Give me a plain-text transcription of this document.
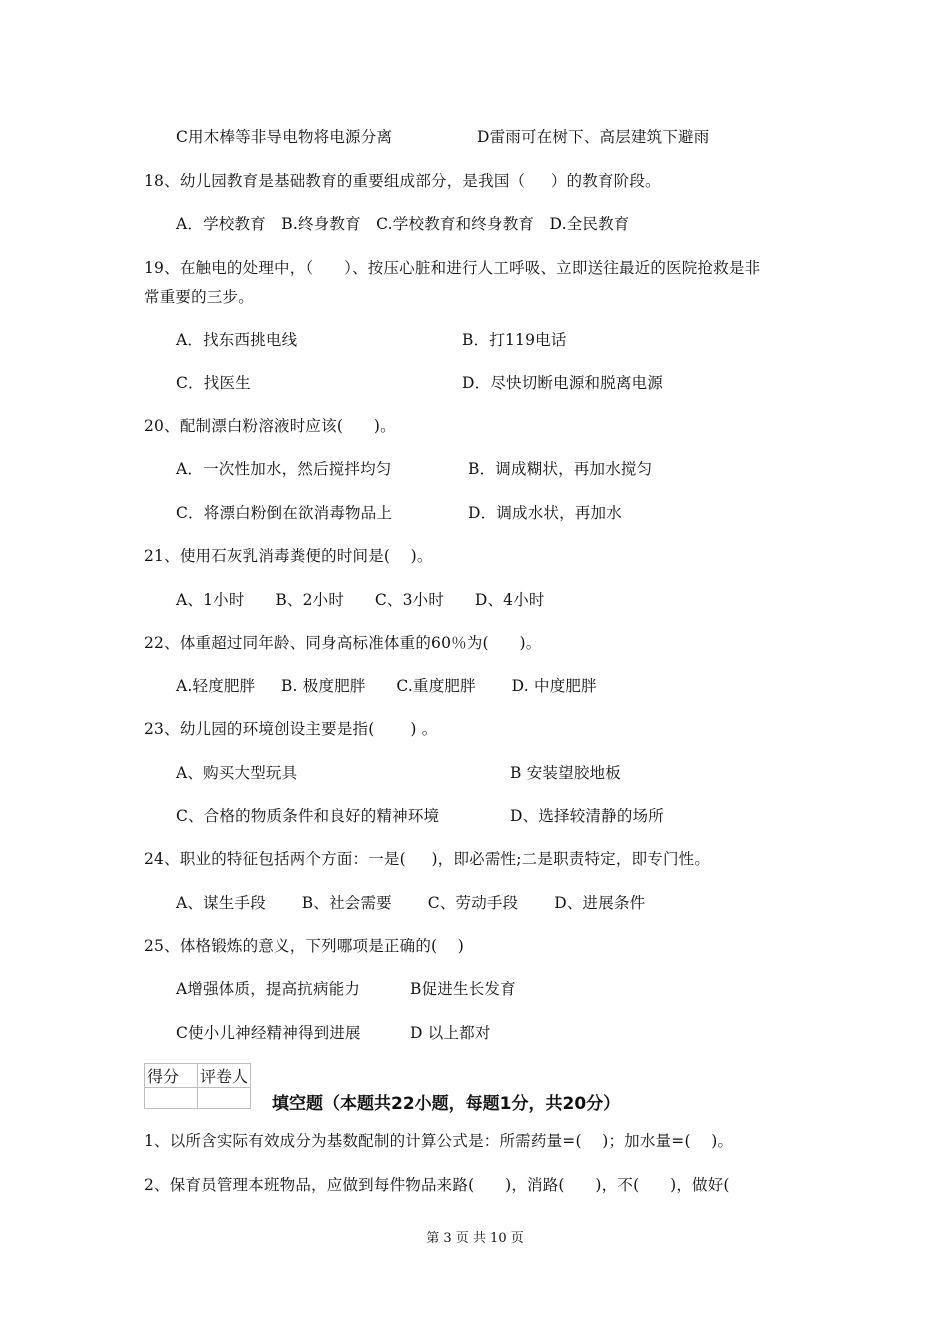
C用木棒等非导电物将电源分离	D雷雨可在树下、高层建筑下避雨
18、幼儿园教育是基础教育的重要组成部分，是我国（     ）的教育阶段。
A．学校教育   B.终身教育   C.学校教育和终身教育   D.全民教育
19、在触电的处理中，（      ）、按压心脏和进行人工呼吸、立即送往最近的医院抢救是非
常重要的三步。
A．找东西挑电线	B．打119电话
C．找医生	D．尽快切断电源和脱离电源
20、配制漂白粉溶液时应该(      )。
A．一次性加水，然后搅拌均匀	B．调成糊状，再加水搅匀
C．将漂白粉倒在欲消毒物品上	D．调成水状，再加水
21、使用石灰乳消毒粪便的时间是(    )。
A、1小时      B、2小时      C、3小时      D、4小时
22、体重超过同年龄、同身高标准体重的60％为(      )。
A.轻度肥胖     B. 极度肥胖      C.重度肥胖       D. 中度肥胖
23、幼儿园的环境创设主要是指(       ) 。
A、购买大型玩具	B 安装望胶地板
C、合格的物质条件和良好的精神环境	D、选择较清静的场所
24、职业的特征包括两个方面：一是(     )，即必需性;二是职责特定，即专门性。
A、谋生手段       B、社会需要       C、劳动手段       D、进展条件
25、体格锻炼的意义，下列哪项是正确的(    )
A增强体质，提高抗病能力	B促进生长发育
C使小儿神经精神得到进展	D 以上都对
得分	评卷人

填空题（本题共22小题，每题1分，共20分）
1、以所含实际有效成分为基数配制的计算公式是：所需药量=(    )；加水量=(    )。
2、保育员管理本班物品，应做到每件物品来路(      )，消路(      )，不(      )，做好(
第 3 页 共 10 页
